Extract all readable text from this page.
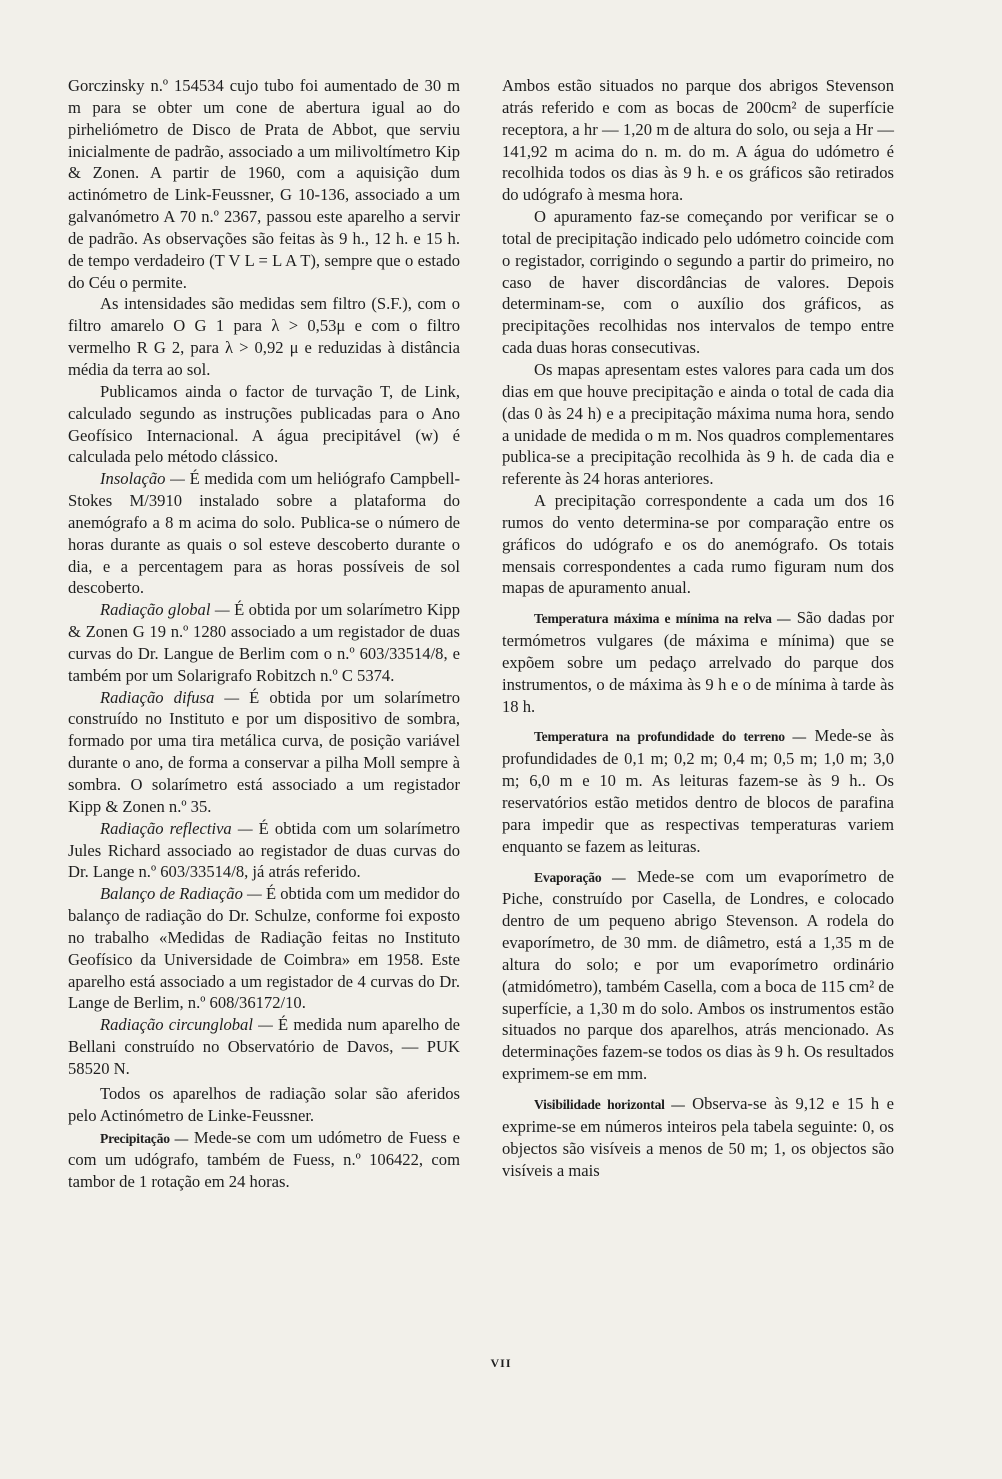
Gorczinsky n.º 154534 cujo tubo foi aumentado de 30 m m para se obter um cone de abertura igual ao do pirheliómetro de Disco de Prata de Abbot, que serviu inicialmente de padrão, associado a um milivoltímetro Kip & Zonen. A partir de 1960, com a aquisição dum actinómetro de Link-Feussner, G 10-136, associado a um galvanómetro A 70 n.º 2367, passou este aparelho a servir de padrão. As observações são feitas às 9 h., 12 h. e 15 h. de tempo verdadeiro (T V L = L A T), sempre que o estado do Céu o permite.

As intensidades são medidas sem filtro (S.F.), com o filtro amarelo O G 1 para λ > 0,53μ e com o filtro vermelho R G 2, para λ > 0,92 μ e reduzidas à distância média da terra ao sol.

Publicamos ainda o factor de turvação T, de Link, calculado segundo as instruções publicadas para o Ano Geofísico Internacional. A água precipitável (w) é calculada pelo método clássico.

Insolação — É medida com um heliógrafo Campbell-Stokes M/3910 instalado sobre a plataforma do anemógrafo a 8 m acima do solo. Publica-se o número de horas durante as quais o sol esteve descoberto durante o dia, e a percentagem para as horas possíveis de sol descoberto.

Radiação global — É obtida por um solarímetro Kipp & Zonen G 19 n.º 1280 associado a um registador de duas curvas do Dr. Langue de Berlim com o n.º 603/33514/8, e também por um Solarigrafo Robitzch n.º C 5374.

Radiação difusa — É obtida por um solarímetro construído no Instituto e por um dispositivo de sombra, formado por uma tira metálica curva, de posição variável durante o ano, de forma a conservar a pilha Moll sempre à sombra. O solarímetro está associado a um registador Kipp & Zonen n.º 35.

Radiação reflectiva — É obtida com um solarímetro Jules Richard associado ao registador de duas curvas do Dr. Lange n.º 603/33514/8, já atrás referido.

Balanço de Radiação — É obtida com um medidor do balanço de radiação do Dr. Schulze, conforme foi exposto no trabalho «Medidas de Radiação feitas no Instituto Geofísico da Universidade de Coimbra» em 1958. Este aparelho está associado a um registador de 4 curvas do Dr. Lange de Berlim, n.º 608/36172/10.

Radiação circunglobal — É medida num aparelho de Bellani construído no Observatório de Davos, — PUK 58520 N.

Todos os aparelhos de radiação solar são aferidos pelo Actinómetro de Linke-Feussner.

Precipitação — Mede-se com um udómetro de Fuess e com um udógrafo, também de Fuess, n.º 106422, com tambor de 1 rotação em 24 horas.

Ambos estão situados no parque dos abrigos Stevenson atrás referido e com as bocas de 200cm² de superfície receptora, a hr — 1,20 m de altura do solo, ou seja a Hr — 141,92 m acima do n. m. do m. A água do udómetro é recolhida todos os dias às 9 h. e os gráficos são retirados do udógrafo à mesma hora.

O apuramento faz-se começando por verificar se o total de precipitação indicado pelo udómetro coincide com o registador, corrigindo o segundo a partir do primeiro, no caso de haver discordâncias de valores. Depois determinam-se, com o auxílio dos gráficos, as precipitações recolhidas nos intervalos de tempo entre cada duas horas consecutivas.

Os mapas apresentam estes valores para cada um dos dias em que houve precipitação e ainda o total de cada dia (das 0 às 24 h) e a precipitação máxima numa hora, sendo a unidade de medida o m m. Nos quadros complementares publica-se a precipitação recolhida às 9 h. de cada dia e referente às 24 horas anteriores.

A precipitação correspondente a cada um dos 16 rumos do vento determina-se por comparação entre os gráficos do udógrafo e os do anemógrafo. Os totais mensais correspondentes a cada rumo figuram num dos mapas de apuramento anual.

Temperatura máxima e mínima na relva — São dadas por termómetros vulgares (de máxima e mínima) que se expõem sobre um pedaço arrelvado do parque dos instrumentos, o de máxima às 9 h e o de mínima à tarde às 18 h.

Temperatura na profundidade do terreno — Mede-se às profundidades de 0,1 m; 0,2 m; 0,4 m; 0,5 m; 1,0 m; 3,0 m; 6,0 m e 10 m. As leituras fazem-se às 9 h.. Os reservatórios estão metidos dentro de blocos de parafina para impedir que as respectivas temperaturas variem enquanto se fazem as leituras.

Evaporação — Mede-se com um evaporímetro de Piche, construído por Casella, de Londres, e colocado dentro de um pequeno abrigo Stevenson. A rodela do evaporímetro, de 30 mm. de diâmetro, está a 1,35 m de altura do solo; e por um evaporímetro ordinário (atmidómetro), também Casella, com a boca de 115 cm² de superfície, a 1,30 m do solo. Ambos os instrumentos estão situados no parque dos aparelhos, atrás mencionado. As determinações fazem-se todos os dias às 9 h. Os resultados exprimem-se em mm.

Visibilidade horizontal — Observa-se às 9,12 e 15 h e exprime-se em números inteiros pela tabela seguinte: 0, os objectos são visíveis a menos de 50 m; 1, os objectos são visíveis a mais

VII
